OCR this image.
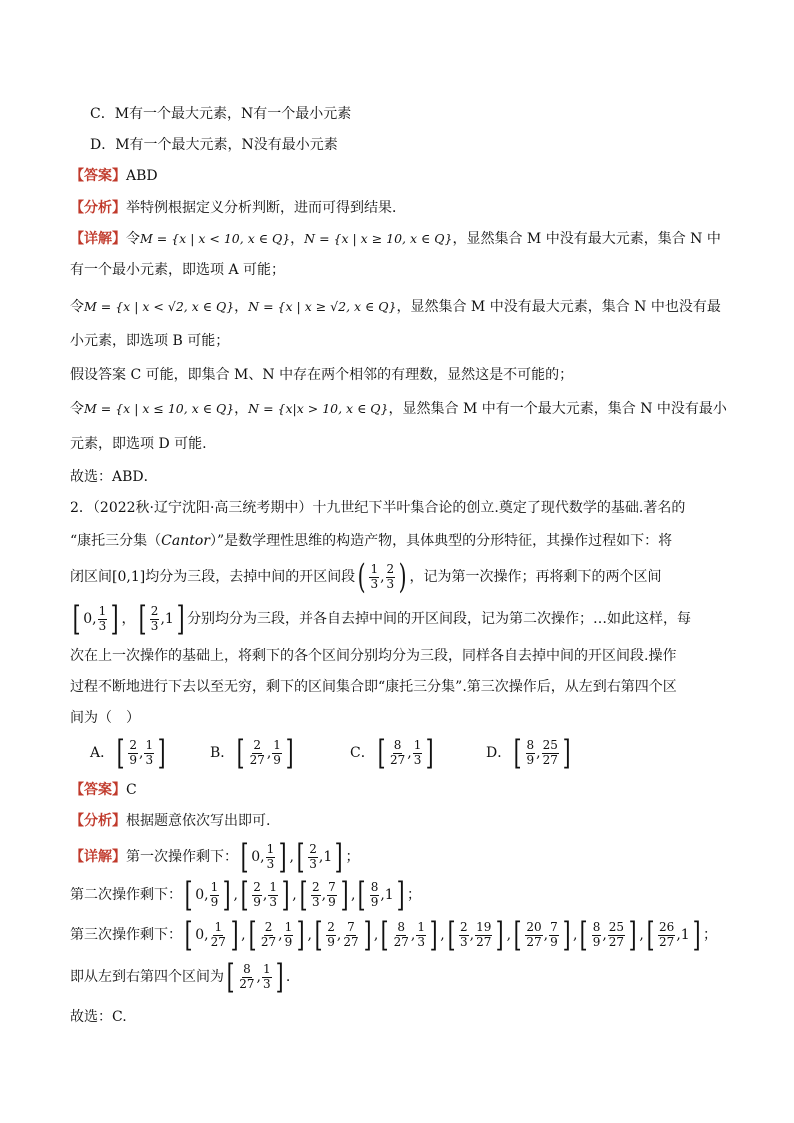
C．M有一个最大元素，N有一个最小元素
D．M有一个最大元素，N没有最小元素
【答案】ABD
【分析】举特例根据定义分析判断，进而可得到结果．
【详解】令M = {x | x < 10, x ∈ Q}，N = {x | x ≥ 10, x ∈ Q}，显然集合 M 中没有最大元素，集合 N 中
有一个最小元素，即选项 A 可能；
令M = {x | x < √2, x ∈ Q}，N = {x | x ≥ √2, x ∈ Q}，显然集合 M 中没有最大元素，集合 N 中也没有最
小元素，即选项 B 可能；
假设答案 C 可能，即集合 M、N 中存在两个相邻的有理数，显然这是不可能的；
令M = {x | x ≤ 10, x ∈ Q}，N = {x|x > 10, x ∈ Q}，显然集合 M 中有一个最大元素，集合 N 中没有最小
元素，即选项 D 可能.
故选：ABD．
2．（2022秋·辽宁沈阳·高三统考期中）十九世纪下半叶集合论的创立.奠定了现代数学的基础.著名的
“康托三分集（Cantor）”是数学理性思维的构造产物，具体典型的分形特征，其操作过程如下：将
闭区间[0,1]均分为三段，去掉中间的开区间段 ( $\frac{1}{3}$ , $\frac{2}{3}$ ) ，记为第一次操作；再将剩下的两个区间
[ 0, $\frac{1}{3}$ ] ， [ $\frac{2}{3} ,1$ ] 分别均分为三段，并各自去掉中间的开区间段，记为第二次操作；…如此这样，每
次在上一次操作的基础上，将剩下的各个区间分别均分为三段，同样各自去掉中间的开区间段.操作
过程不断地进行下去以至无穷，剩下的区间集合即“康托三分集”.第三次操作后，从左到右第四个区
间为（　）
A． [ $\frac{2}{9}$ , $\frac{1}{3}$ ]	B． [ $\frac{2}{27}$ , $\frac{1}{9}$ ]	C． [ $\frac{8}{27}$ , $\frac{1}{3}$ ]	D． [ $\frac{8}{9}$ , $\frac{25}{27}$ ]
【答案】C
【分析】根据题意依次写出即可.
【详解】第一次操作剩下： [ 0, $\frac{1}{3}$ ] , [ $\frac{2}{3} ,1$ ] ；
第二次操作剩下： [ 0, $\frac{1}{9}$ ] , [ $\frac{2}{9}$ , $\frac{1}{3}$ ] , [ $\frac{2}{3}$ , $\frac{7}{9}$ ] , [ $\frac{8}{9} ,1$ ] ；
第三次操作剩下： [ 0, $\frac{1}{27}$ ] , [ $\frac{2}{27}$ , $\frac{1}{9}$ ] , [ $\frac{2}{9}$ , $\frac{7}{27}$ ] , [ $\frac{8}{27}$ , $\frac{1}{3}$ ] , [ $\frac{2}{3}$ , $\frac{19}{27}$ ] , [ $\frac{20}{27}$ , $\frac{7}{9}$ ] , [ $\frac{8}{9}$ , $\frac{25}{27}$ ] , [ $\frac{26}{27} ,1$ ] ；
即从左到右第四个区间为 [ $\frac{8}{27}$ , $\frac{1}{3}$ ] .
故选：C.
